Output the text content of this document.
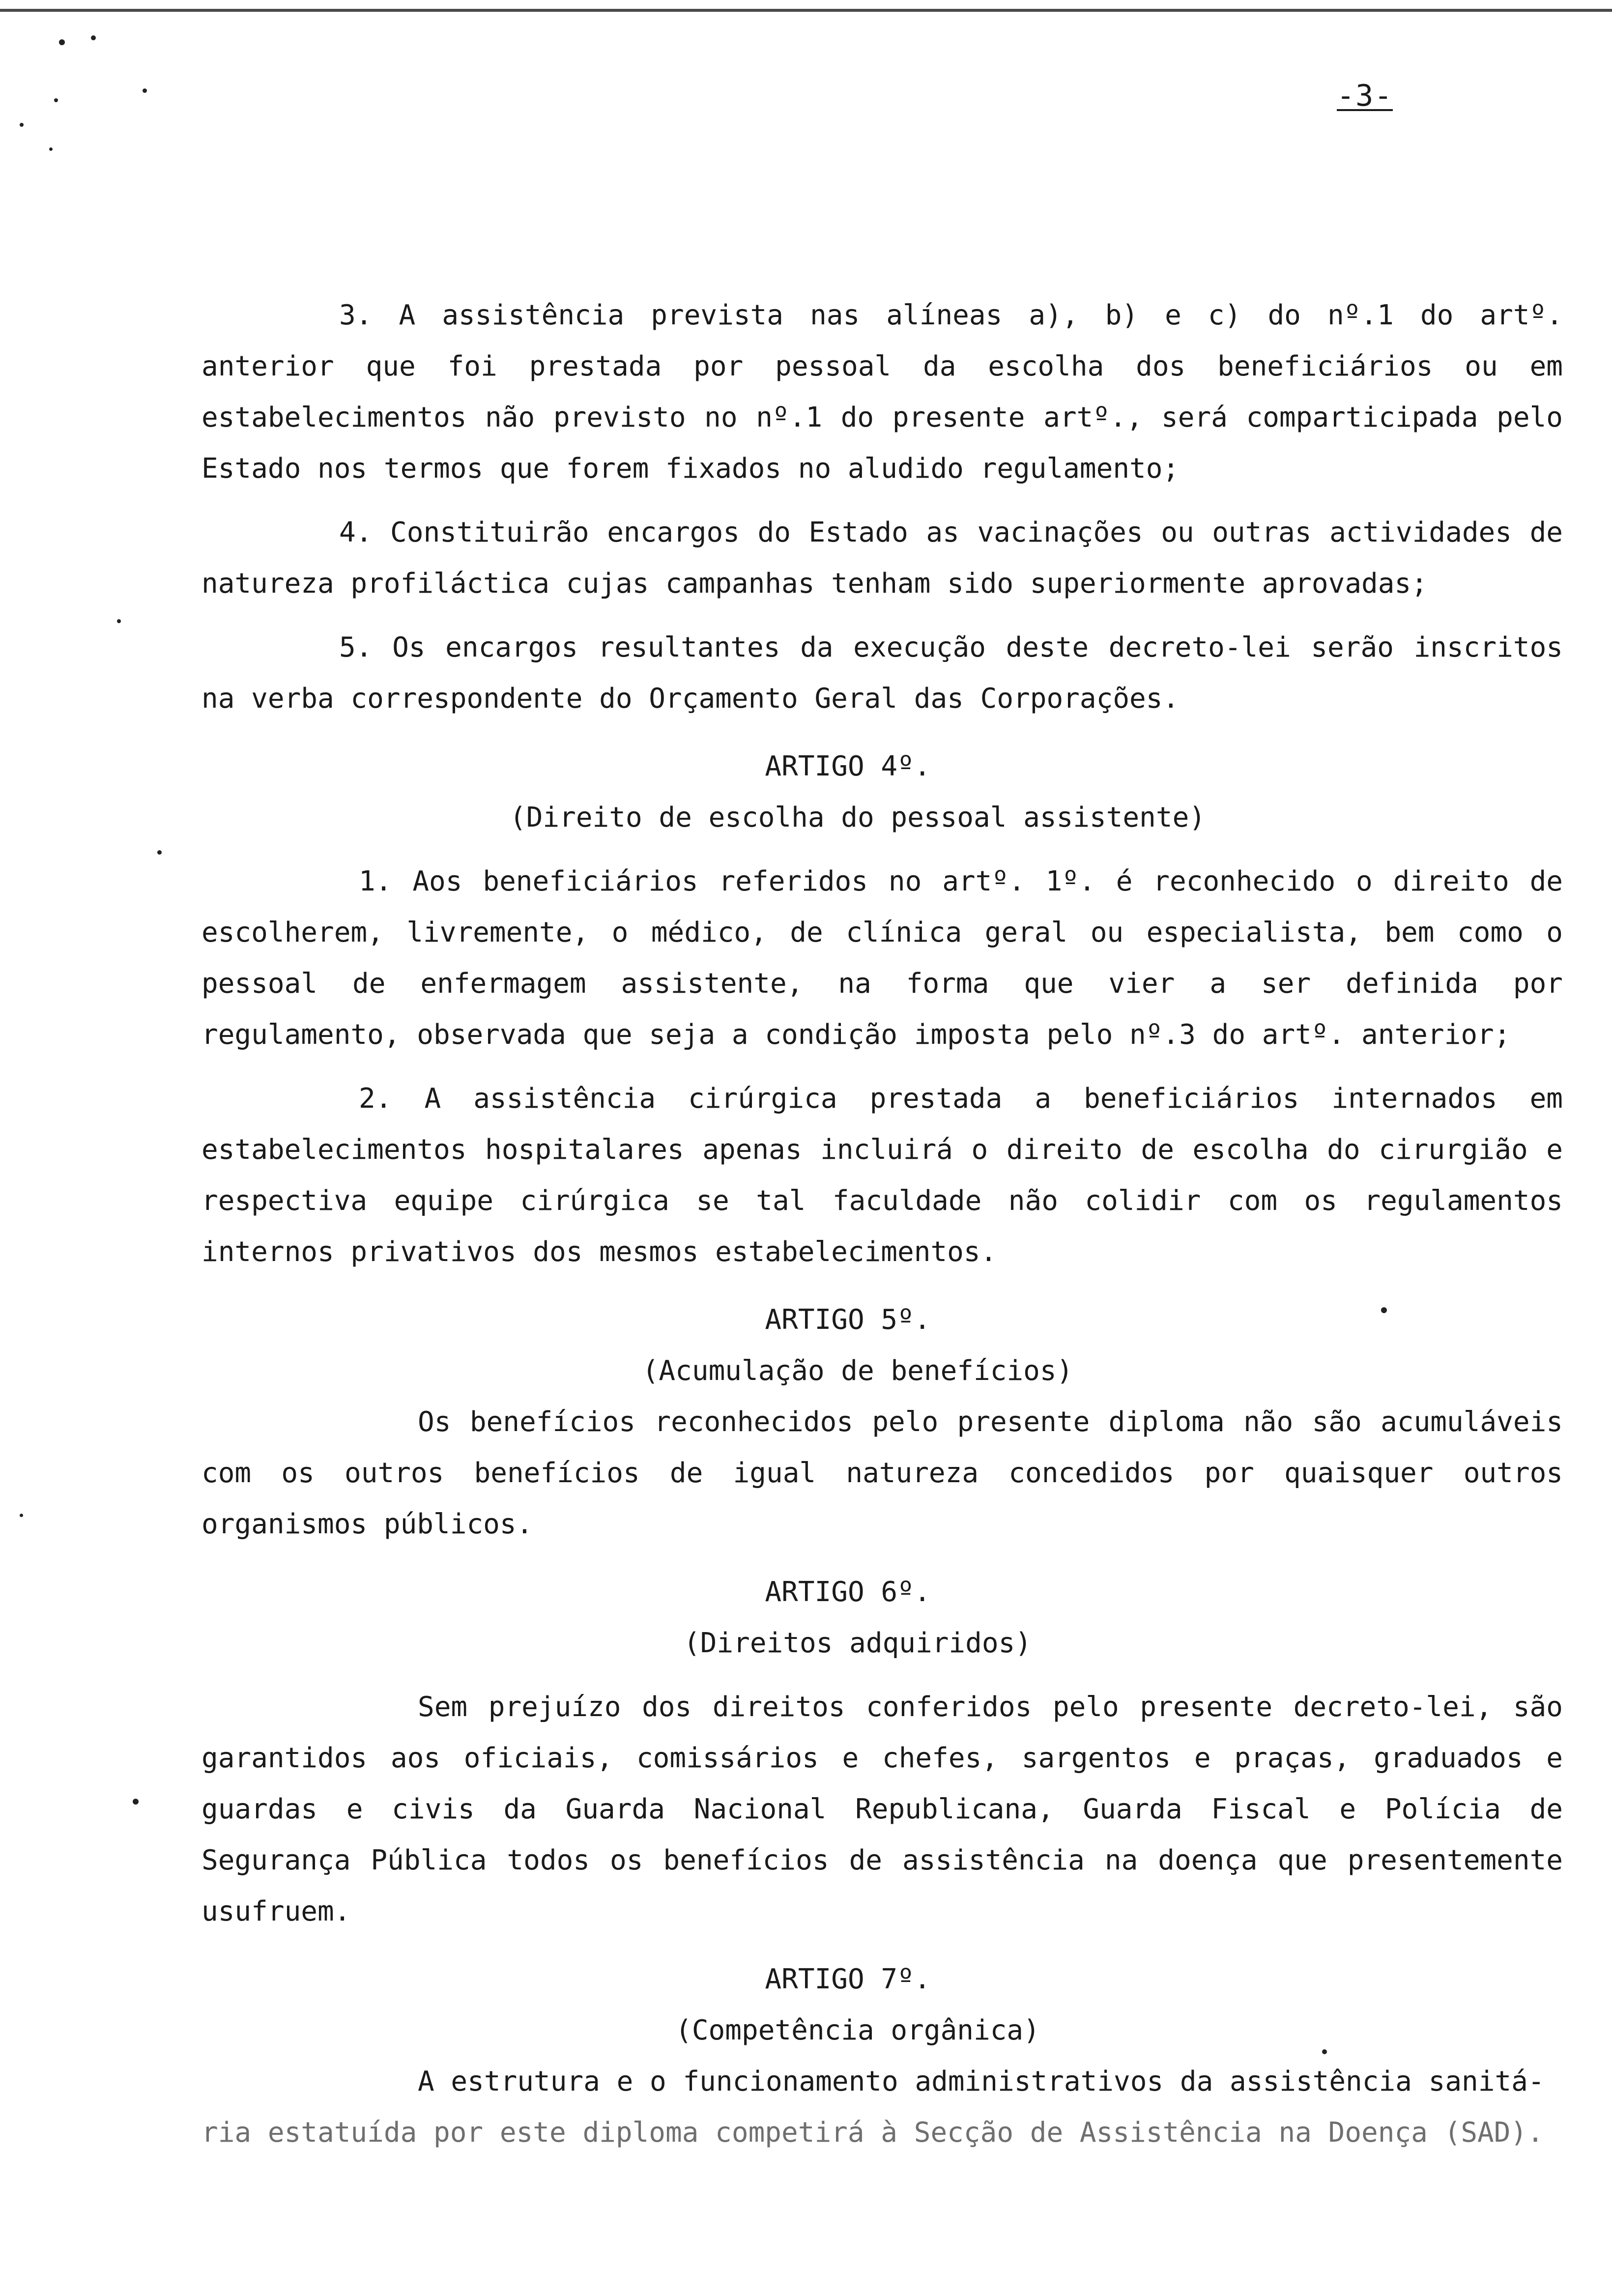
-3-

3. A assistência prevista nas alíneas a), b) e c) do nº.1 do artº. anterior que foi prestada por pessoal da escolha dos beneficiários ou em estabelecimentos não previsto no nº.1 do presente artº., será comparticipada pelo Estado nos termos que forem fixados no aludido regulamento;

4. Constituirão encargos do Estado as vacinações ou outras actividades de natureza profiláctica cujas campanhas tenham sido superiormente aprovadas;

5. Os encargos resultantes da execução deste decreto-lei serão inscritos na verba correspondente do Orçamento Geral das Corporações.

ARTIGO 4º.
(Direito de escolha do pessoal assistente)

1. Aos beneficiários referidos no artº. 1º. é reconhecido o direito de escolherem, livremente, o médico, de clínica geral ou especialista, bem como o pessoal de enfermagem assistente, na forma que vier a ser definida por regulamento, observada que seja a condição imposta pelo nº.3 do artº. anterior;

2. A assistência cirúrgica prestada a beneficiários internados em estabelecimentos hospitalares apenas incluirá o direito de escolha do cirurgião e respectiva equipe cirúrgica se tal faculdade não colidir com os regulamentos internos privativos dos mesmos estabelecimentos.

ARTIGO 5º.
(Acumulação de benefícios)

Os benefícios reconhecidos pelo presente diploma não são acumuláveis com os outros benefícios de igual natureza concedidos por quaisquer outros organismos públicos.

ARTIGO 6º.
(Direitos adquiridos)

Sem prejuízo dos direitos conferidos pelo presente decreto-lei, são garantidos aos oficiais, comissários e chefes, sargentos e praças, graduados e guardas e civis da Guarda Nacional Republicana, Guarda Fiscal e Polícia de Segurança Pública todos os benefícios de assistência na doença que presentemente usufruem.

ARTIGO 7º.
(Competência orgânica)

A estrutura e o funcionamento administrativos da assistência sanitá-

ria estatuída por este diploma competirá à Secção de Assistência na Doença (SAD).
